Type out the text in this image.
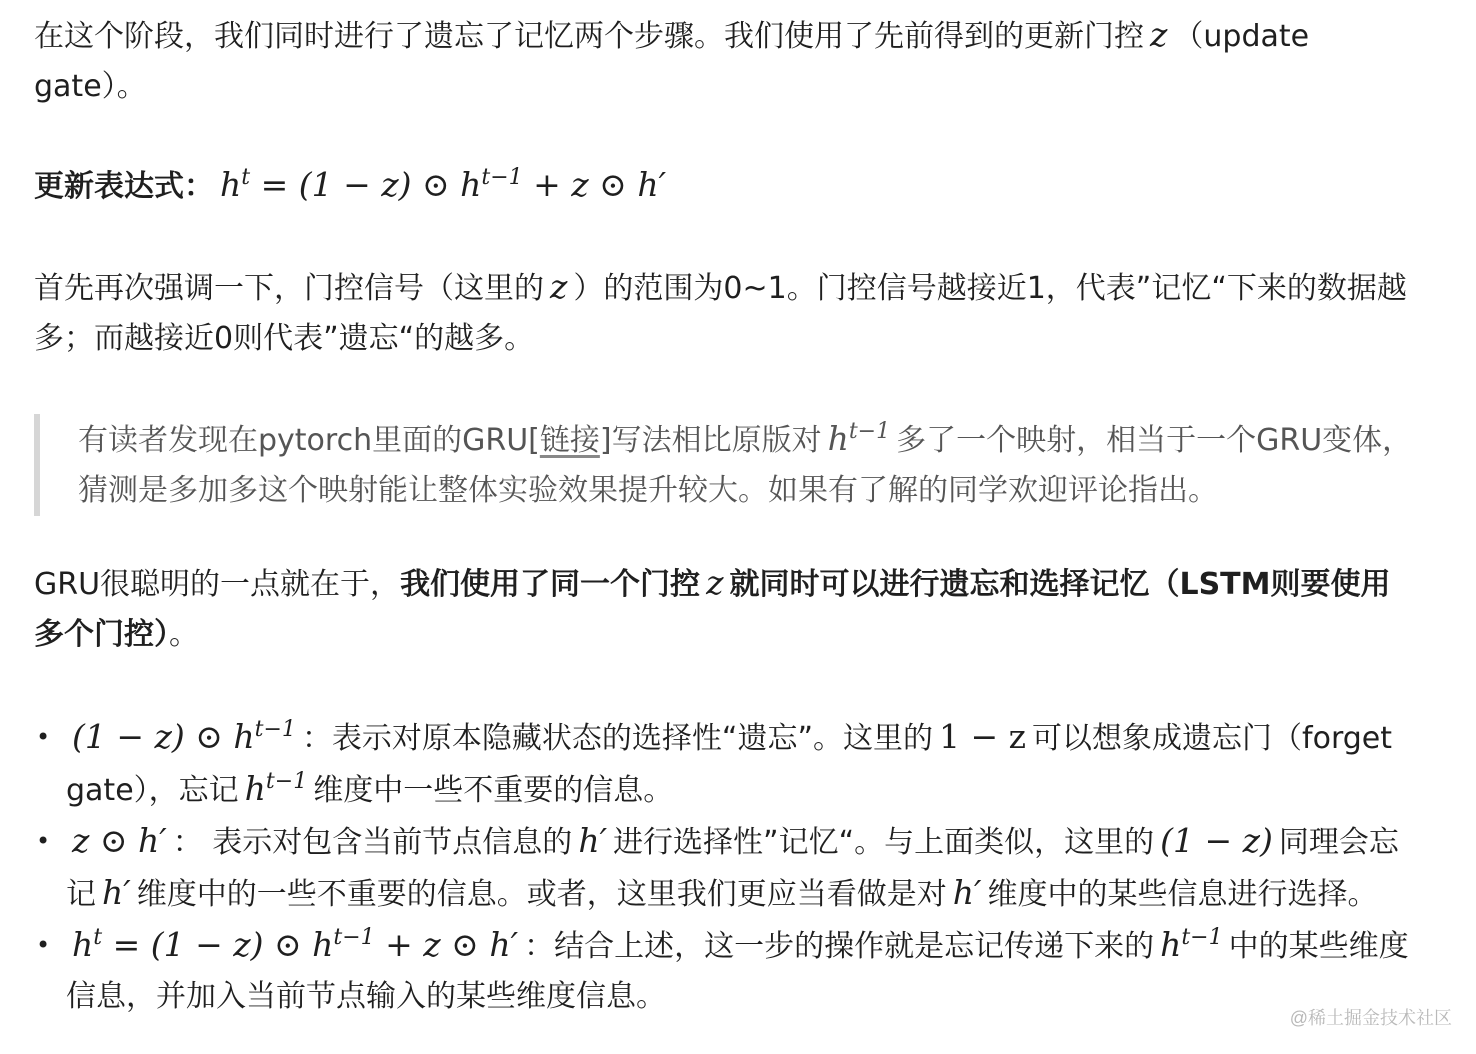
在这个阶段，我们同时进行了遗忘了记忆两个步骤。我们使用了先前得到的更新门控 z （update gate）。

更新表达式： $h^t = (1 - z)$ ⊙ $h^{t-1} + z$ ⊙ h′

首先再次强调一下，门控信号（这里的 z ）的范围为0~1。门控信号越接近1，代表”记忆“下来的数据越多；而越接近0则代表”遗忘“的越多。

有读者发现在pytorch里面的GRU[链接]写法相比原版对 $h^{t-1}$ 多了一个映射，相当于一个GRU变体，猜测是多加多这个映射能让整体实验效果提升较大。如果有了解的同学欢迎评论指出。

GRU很聪明的一点就在于，我们使用了同一个门控 z 就同时可以进行遗忘和选择记忆（LSTM则要使用多个门控）。

• (1 − z) ⊙ $h^{t-1}$ ：表示对原本隐藏状态的选择性“遗忘”。这里的 1 − z 可以想象成遗忘门（forget gate），忘记 $h^{t-1}$ 维度中一些不重要的信息。
• z ⊙ h′ ： 表示对包含当前节点信息的 h′ 进行选择性”记忆“。与上面类似，这里的 (1 − z) 同理会忘记 h′ 维度中的一些不重要的信息。或者，这里我们更应当看做是对 h′ 维度中的某些信息进行选择。
• $h^t = (1 - z)$ ⊙ $h^{t-1} + z$ ⊙ h′ ：结合上述，这一步的操作就是忘记传递下来的 $h^{t-1}$ 中的某些维度信息，并加入当前节点输入的某些维度信息。
@稀土掘金技术社区
